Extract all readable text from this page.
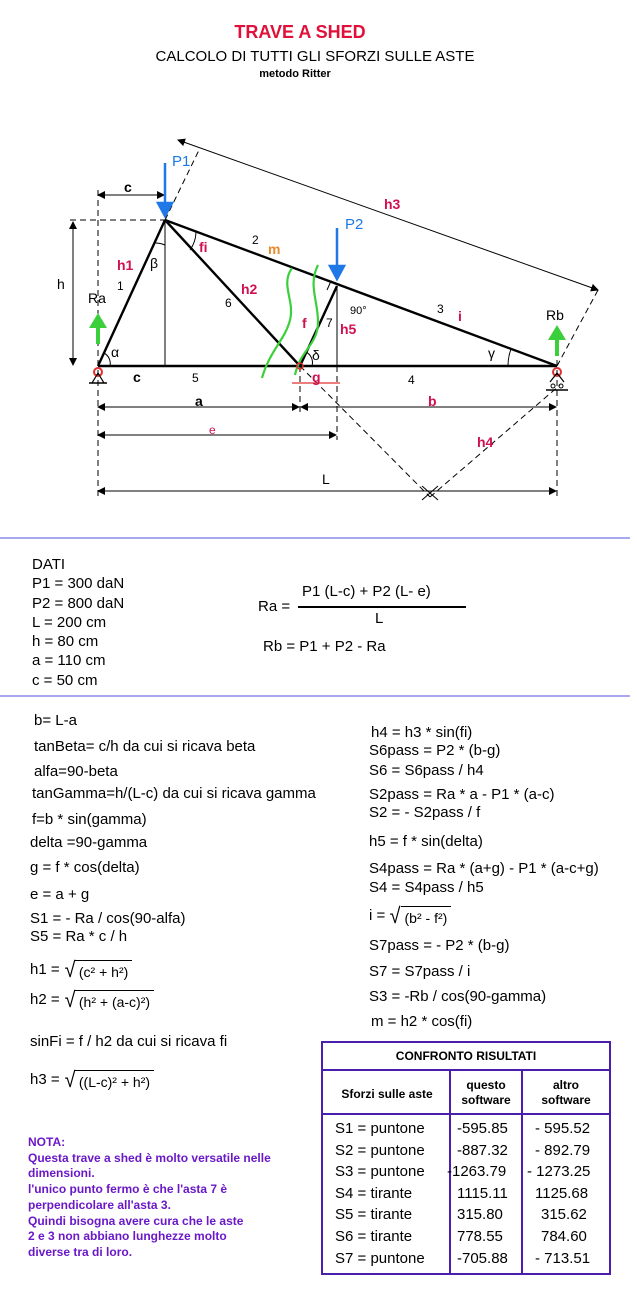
TRAVE A SHED
CALCOLO DI TUTTI GLI SFORZI SULLE ASTE
metodo Ritter
P1
P2
c
h3
h
h1
1
Ra
β
fi	2
m
h2
6
f 7 h5
90°	3 i	Rb
α	δ	γ
c	5	g	4
a	b
e
h4
L
DATI
P1 = 300 daN
P2 = 800 daN
L = 200 cm
h = 80 cm
a = 110 cm
c = 50 cm
Ra =
P1 (L-c) + P2 (L- e)
L
Rb = P1 + P2 - Ra
b= L-a
tanBeta= c/h da cui si ricava beta
alfa=90-beta
tanGamma=h/(L-c) da cui si ricava gamma
f=b * sin(gamma)
delta =90-gamma
g = f * cos(delta)
e = a + g
S1 = - Ra / cos(90-alfa)
S5 = Ra * c / h
h1 = √ (c² + h²)
h2 = √ (h² + (a-c)²)
sinFi = f / h2 da cui si ricava fi
h3 = √ ((L-c)² + h²)
h4 = h3 * sin(fi)
S6pass = P2 * (b-g)
S6 = S6pass / h4
S2pass = Ra * a - P1 * (a-c)
S2 = - S2pass / f
h5 = f * sin(delta)
S4pass = Ra * (a+g) - P1 * (a-c+g)
S4 = S4pass / h5
i = √ (b² - f²)
S7pass = - P2 * (b-g)
S7 = S7pass / i
S3 = -Rb / cos(90-gamma)
m = h2 * cos(fi)
CONFRONTO RISULTATI
Sforzi sulle aste
questo
software
altro
software
S1 = puntone -595.85 - 595.52
S2 = puntone -887.32 - 892.79
S3 = puntone -1263.79 - 1273.25
S4 = tirante	1115.11 1125.68
S5 = tirante	315.80	315.62
S6 = tirante	778.55	784.60
S7 = puntone -705.88 - 713.51
NOTA:
Questa trave a shed è molto versatile nelle
dimensioni.
l'unico punto fermo è che l'asta 7 è
perpendicolare all'asta 3.
Quindi bisogna avere cura che le aste
2 e 3 non abbiano lunghezze molto
diverse tra di loro.
